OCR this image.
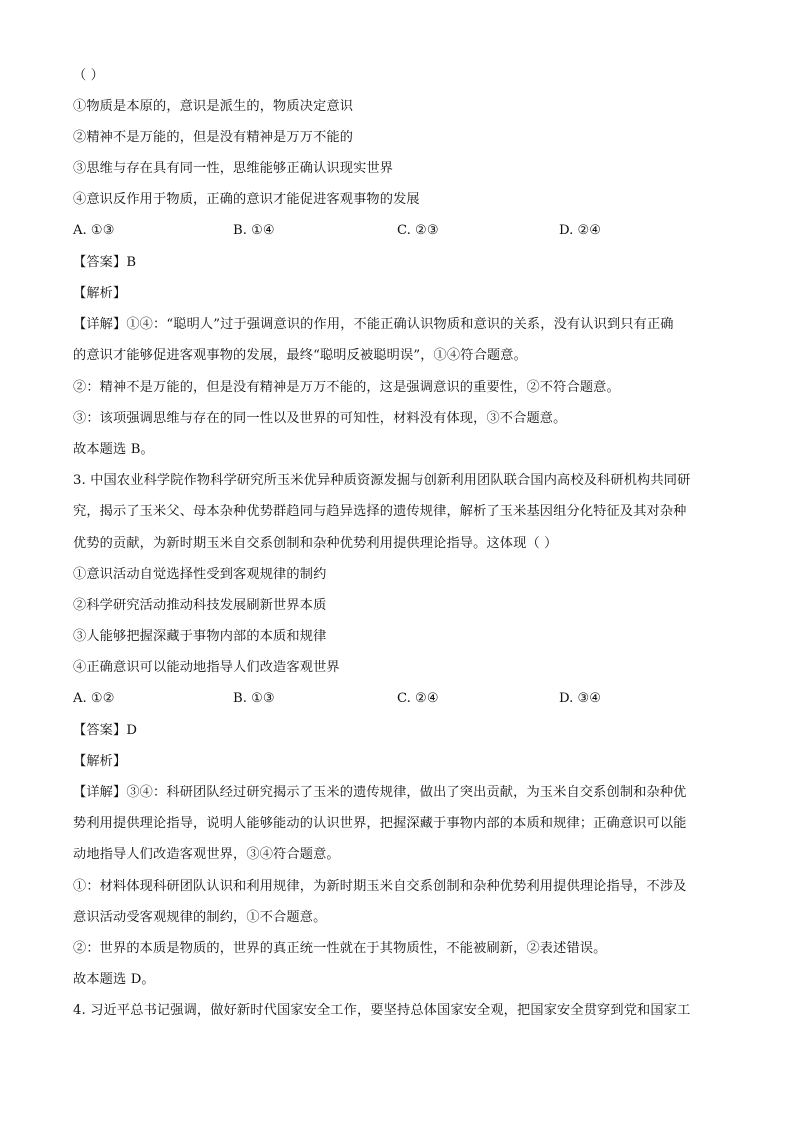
（ ）
①物质是本原的，意识是派生的，物质决定意识
②精神不是万能的，但是没有精神是万万不能的
③思维与存在具有同一性，思维能够正确认识现实世界
④意识反作用于物质，正确的意识才能促进客观事物的发展
A. ①③	B. ①④	C. ②③	D. ②④
【答案】B
【解析】
【详解】①④：“聪明人”过于强调意识的作用，不能正确认识物质和意识的关系，没有认识到只有正确
的意识才能够促进客观事物的发展，最终“聪明反被聪明误”，①④符合题意。
②：精神不是万能的，但是没有精神是万万不能的，这是强调意识的重要性，②不符合题意。
③：该项强调思维与存在的同一性以及世界的可知性，材料没有体现，③不合题意。
故本题选 B。
3. 中国农业科学院作物科学研究所玉米优异种质资源发掘与创新利用团队联合国内高校及科研机构共同研
究，揭示了玉米父、母本杂种优势群趋同与趋异选择的遗传规律，解析了玉米基因组分化特征及其对杂种
优势的贡献，为新时期玉米自交系创制和杂种优势利用提供理论指导。这体现（ ）
①意识活动自觉选择性受到客观规律的制约
②科学研究活动推动科技发展刷新世界本质
③人能够把握深藏于事物内部的本质和规律
④正确意识可以能动地指导人们改造客观世界
A. ①②	B. ①③	C. ②④	D. ③④
【答案】D
【解析】
【详解】③④：科研团队经过研究揭示了玉米的遗传规律，做出了突出贡献，为玉米自交系创制和杂种优
势利用提供理论指导，说明人能够能动的认识世界，把握深藏于事物内部的本质和规律；正确意识可以能
动地指导人们改造客观世界，③④符合题意。
①：材料体现科研团队认识和利用规律，为新时期玉米自交系创制和杂种优势利用提供理论指导，不涉及
意识活动受客观规律的制约，①不合题意。
②：世界的本质是物质的，世界的真正统一性就在于其物质性，不能被刷新，②表述错误。
故本题选 D。
4. 习近平总书记强调，做好新时代国家安全工作，要坚持总体国家安全观，把国家安全贯穿到党和国家工
